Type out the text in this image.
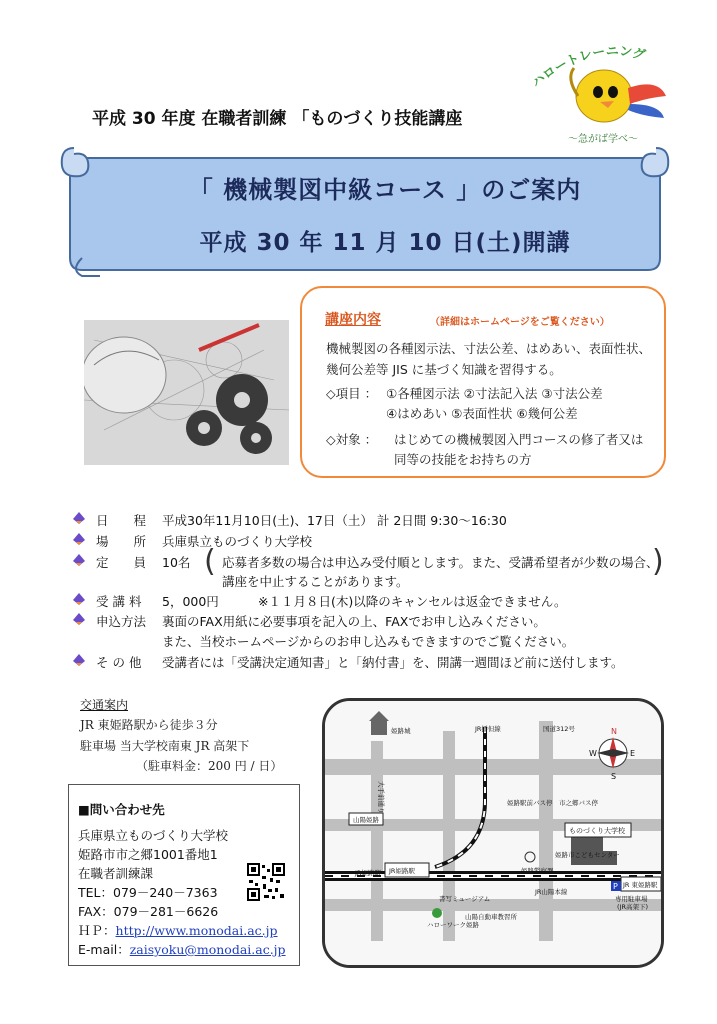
平成 30 年度 在職者訓練 「ものづくり技能講座
ハロートレーニング
～急がば学べ～
「 機械製図中級コース 」のご案内
平成 30 年 11 月 10 日(土)開講
講座内容	（詳細はホームページをご覧ください）
機械製図の各種図示法、寸法公差、はめあい、表面性状、
幾何公差等 JIS に基づく知識を習得する。
◇項目 ： ①各種図示法 ②寸法記入法 ③寸法公差
④はめあい ⑤表面性状 ⑥幾何公差
◇対象 ： はじめての機械製図入門コースの修了者又は
同等の技能をお持ちの方
日　　程 平成30年11月10日(土)、17日（土） 計 2日間 9:30～16:30
場　　所 兵庫県立ものづくり大学校
定　　員 10名 ( 応募者多数の場合は申込み受付順とします。また、受講希望者が少数の場合、
講座を中止することがあります。
)
受 講 料 5，000円	※１１月８日(木)以降のキャンセルは返金できません。
申込方法 裏面のFAX用紙に必要事項を記入の上、FAXでお申し込みください。
また、当校ホームページからのお申し込みもできますのでご覧ください。
そ の 他 受講者には「受講決定通知書」と「納付書」を、開講一週間ほど前に送付します。
交通案内
JR 東姫路駅から徒歩３分
駐車場 当大学校南東 JR 高架下
（駐車料金：200 円 / 日）
■問い合わせ先
兵庫県立ものづくり大学校
姫路市市之郷1001番地1
在職者訓練課
TEL：079－240－7363
FAX：079－281－6626
ＨＰ：http://www.monodai.ac.jp
E-mail：zaisyoku@monodai.ac.jp
P
JR播但線	国道312号
姫路城
山陽姫路
JR姫路駅
JR 東姫路駅
ものづくり大学校
JR山陽本線
専用駐車場
(JR高架下)
姫路警察署
姫路駅前バス停 市之郷バス停
ハローワーク姫路
姫路市こどもセンター
書写ミュージアム
山陽自動車教習所
N
S
E
W
大手前通り
JR姫路駅
